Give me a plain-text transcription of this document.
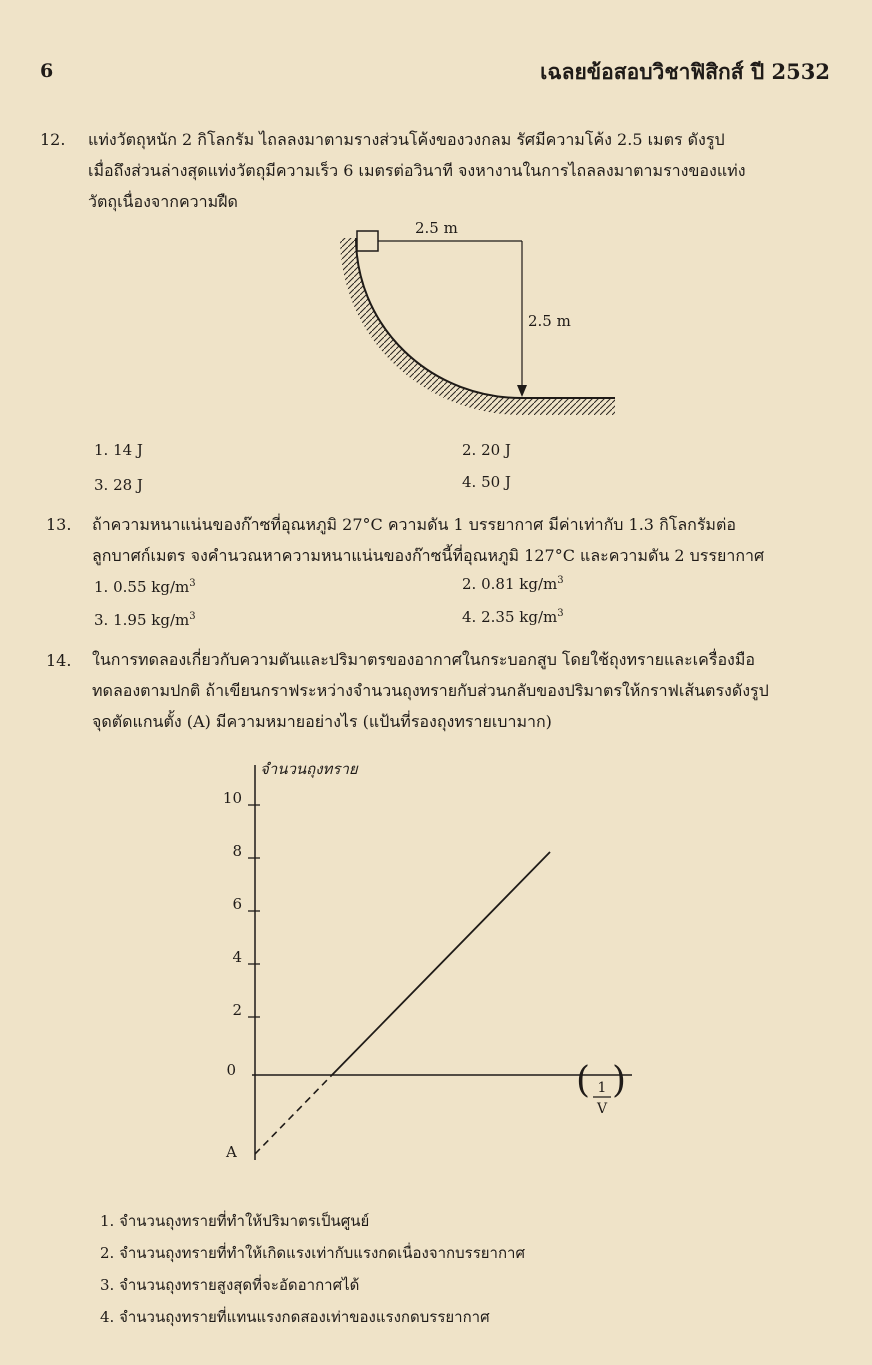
6	เฉลยข้อสอบวิชาฟิสิกส์ ปี 2532
12. แท่งวัตถุหนัก 2 กิโลกรัม ไถลลงมาตามรางส่วนโค้งของวงกลม รัศมีความโค้ง 2.5 เมตร ดังรูป
เมื่อถึงส่วนล่างสุดแท่งวัตถุมีความเร็ว 6 เมตรต่อวินาที จงหางานในการไถลลงมาตามรางของแท่ง
วัตถุเนื่องจากความฝืด
2.5 m
2.5 m
1. 14 J	2. 20 J
3. 28 J	4. 50 J
13. ถ้าความหนาแน่นของก๊าซที่อุณหภูมิ 27°C ความดัน 1 บรรยากาศ มีค่าเท่ากับ 1.3 กิโลกรัมต่อ
ลูกบาศก์เมตร จงคำนวณหาความหนาแน่นของก๊าซนี้ที่อุณหภูมิ 127°C และความดัน 2 บรรยากาศ
1. 0.55 $kg/m^3$	2. 0.81 $kg/m^3$
3. 1.95 $kg/m^3$	4. 2.35 $kg/m^3$
14. ในการทดลองเกี่ยวกับความดันและปริมาตรของอากาศในกระบอกสูบ โดยใช้ถุงทรายและเครื่องมือ
ทดลองตามปกติ ถ้าเขียนกราฟระหว่างจำนวนถุงทรายกับส่วนกลับของปริมาตรให้กราฟเส้นตรงดังรูป
จุดตัดแกนตั้ง (A) มีความหมายอย่างไร (แป้นที่รองถุงทรายเบามาก)
10
8
6
4
2
0
จำนวนถุงทราย
A
( )
1
V
1. จำนวนถุงทรายที่ทำให้ปริมาตรเป็นศูนย์
2. จำนวนถุงทรายที่ทำให้เกิดแรงเท่ากับแรงกดเนื่องจากบรรยากาศ
3. จำนวนถุงทรายสูงสุดที่จะอัดอากาศได้
4. จำนวนถุงทรายที่แทนแรงกดสองเท่าของแรงกดบรรยากาศ
